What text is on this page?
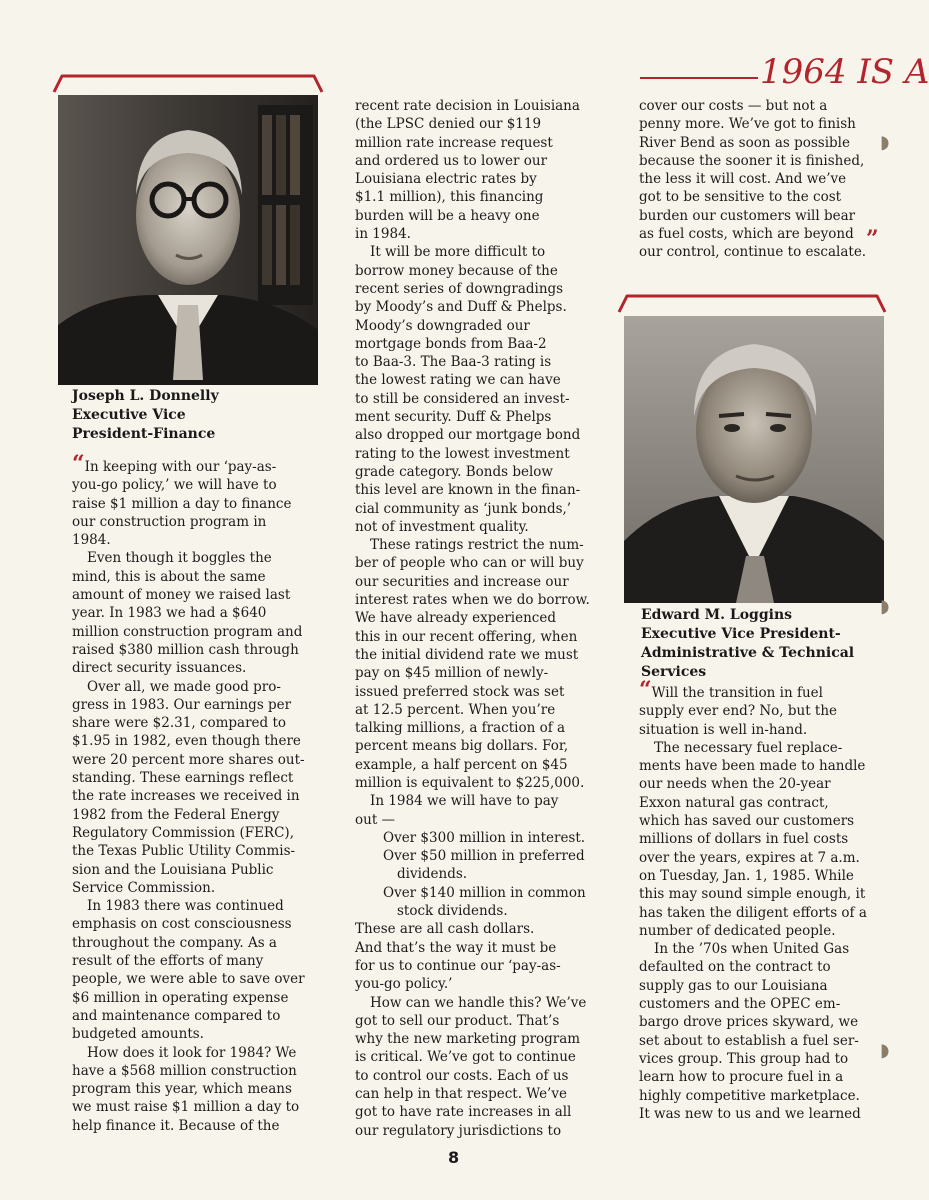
1964 IS A
Joseph L. Donnelly
Executive Vice
President-Finance
“In keeping with our ‘pay-as-
you-go policy,’ we will have to
raise $1 million a day to finance
our construction program in
1984.
Even though it boggles the
mind, this is about the same
amount of money we raised last
year. In 1983 we had a $640
million construction program and
raised $380 million cash through
direct security issuances.
Over all, we made good pro-
gress in 1983. Our earnings per
share were $2.31, compared to
$1.95 in 1982, even though there
were 20 percent more shares out-
standing. These earnings reflect
the rate increases we received in
1982 from the Federal Energy
Regulatory Commission (FERC),
the Texas Public Utility Commis-
sion and the Louisiana Public
Service Commission.
In 1983 there was continued
emphasis on cost consciousness
throughout the company. As a
result of the efforts of many
people, we were able to save over
$6 million in operating expense
and maintenance compared to
budgeted amounts.
How does it look for 1984? We
have a $568 million construction
program this year, which means
we must raise $1 million a day to
help finance it. Because of the
recent rate decision in Louisiana
(the LPSC denied our $119
million rate increase request
and ordered us to lower our
Louisiana electric rates by
$1.1 million), this financing
burden will be a heavy one
in 1984.
It will be more difficult to
borrow money because of the
recent series of downgradings
by Moody’s and Duff & Phelps.
Moody’s downgraded our
mortgage bonds from Baa-2
to Baa-3. The Baa-3 rating is
the lowest rating we can have
to still be considered an invest-
ment security. Duff & Phelps
also dropped our mortgage bond
rating to the lowest investment
grade category. Bonds below
this level are known in the finan-
cial community as ‘junk bonds,’
not of investment quality.
These ratings restrict the num-
ber of people who can or will buy
our securities and increase our
interest rates when we do borrow.
We have already experienced
this in our recent offering, when
the initial dividend rate we must
pay on $45 million of newly-
issued preferred stock was set
at 12.5 percent. When you’re
talking millions, a fraction of a
percent means big dollars. For,
example, a half percent on $45
million is equivalent to $225,000.
In 1984 we will have to pay
out —
Over $300 million in interest.
Over $50 million in preferred
dividends.
Over $140 million in common
stock dividends.
These are all cash dollars.
And that’s the way it must be
for us to continue our ‘pay-as-
you-go policy.’
How can we handle this? We’ve
got to sell our product. That’s
why the new marketing program
is critical. We’ve got to continue
to control our costs. Each of us
can help in that respect. We’ve
got to have rate increases in all
our regulatory jurisdictions to
cover our costs — but not a
penny more. We’ve got to finish
River Bend as soon as possible
because the sooner it is finished,
the less it will cost. And we’ve
got to be sensitive to the cost
burden our customers will bear
as fuel costs, which are beyond
our control, continue to escalate.
”
Edward M. Loggins
Executive Vice President-
Administrative & Technical
Services
“Will the transition in fuel
supply ever end? No, but the
situation is well in-hand.
The necessary fuel replace-
ments have been made to handle
our needs when the 20-year
Exxon natural gas contract,
which has saved our customers
millions of dollars in fuel costs
over the years, expires at 7 a.m.
on Tuesday, Jan. 1, 1985. While
this may sound simple enough, it
has taken the diligent efforts of a
number of dedicated people.
In the ’70s when United Gas
defaulted on the contract to
supply gas to our Louisiana
customers and the OPEC em-
bargo drove prices skyward, we
set about to establish a fuel ser-
vices group. This group had to
learn how to procure fuel in a
highly competitive marketplace.
It was new to us and we learned
◗
◗
◗
8
